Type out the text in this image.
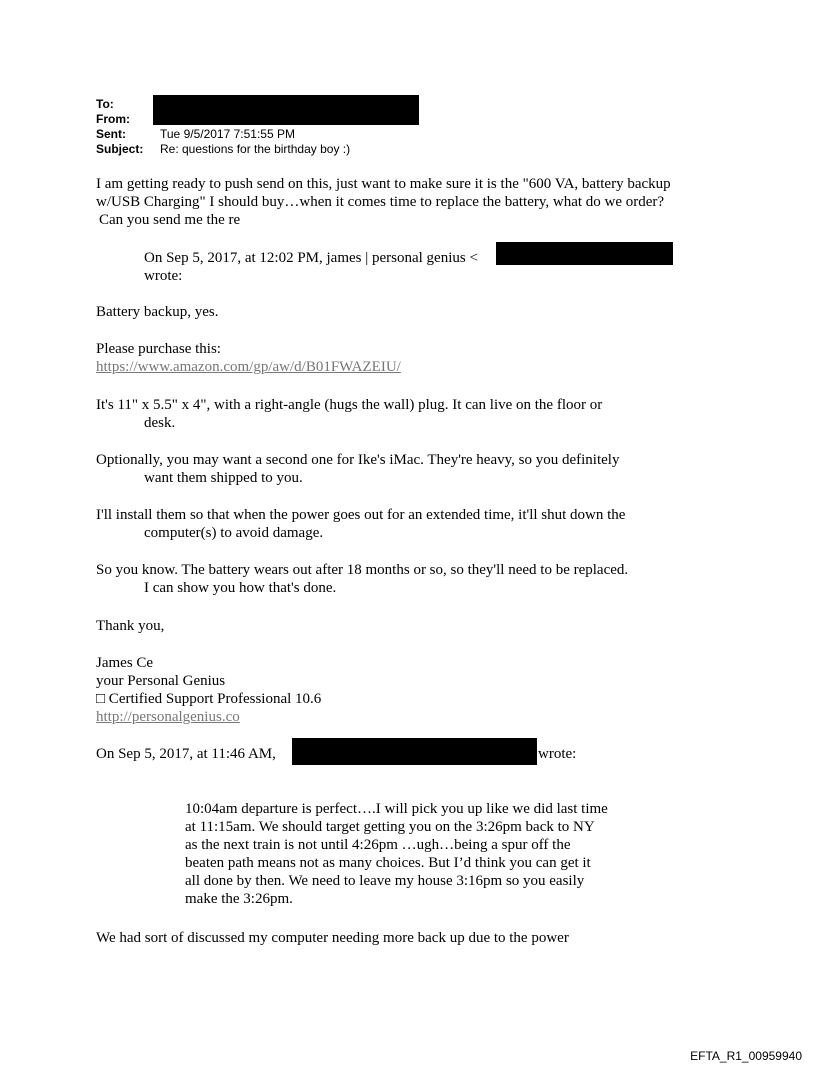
To:
From:
Sent:	Tue 9/5/2017 7:51:55 PM
Subject: Re: questions for the birthday boy :)
I am getting ready to push send on this, just want to make sure it is the "600 VA, battery backup
w/USB Charging" I should buy…when it comes time to replace the battery, what do we order?
Can you send me the re
On Sep 5, 2017, at 12:02 PM, james | personal genius <
wrote:
Battery backup, yes.
Please purchase this:
https://www.amazon.com/gp/aw/d/B01FWAZEIU/
It's 11" x 5.5" x 4", with a right-angle (hugs the wall) plug. It can live on the floor or
desk.
Optionally, you may want a second one for Ike's iMac. They're heavy, so you definitely
want them shipped to you.
I'll install them so that when the power goes out for an extended time, it'll shut down the
computer(s) to avoid damage.
So you know. The battery wears out after 18 months or so, so they'll need to be replaced.
I can show you how that's done.
Thank you,
James Ce
your Personal Genius
□ Certified Support Professional 10.6
http://personalgenius.co
On Sep 5, 2017, at 11:46 AM,	wrote:
10:04am departure is perfect….I will pick you up like we did last time
at 11:15am. We should target getting you on the 3:26pm back to NY
as the next train is not until 4:26pm …ugh…being a spur off the
beaten path means not as many choices. But I’d think you can get it
all done by then. We need to leave my house 3:16pm so you easily
make the 3:26pm.
We had sort of discussed my computer needing more back up due to the power
EFTA_R1_00959940
